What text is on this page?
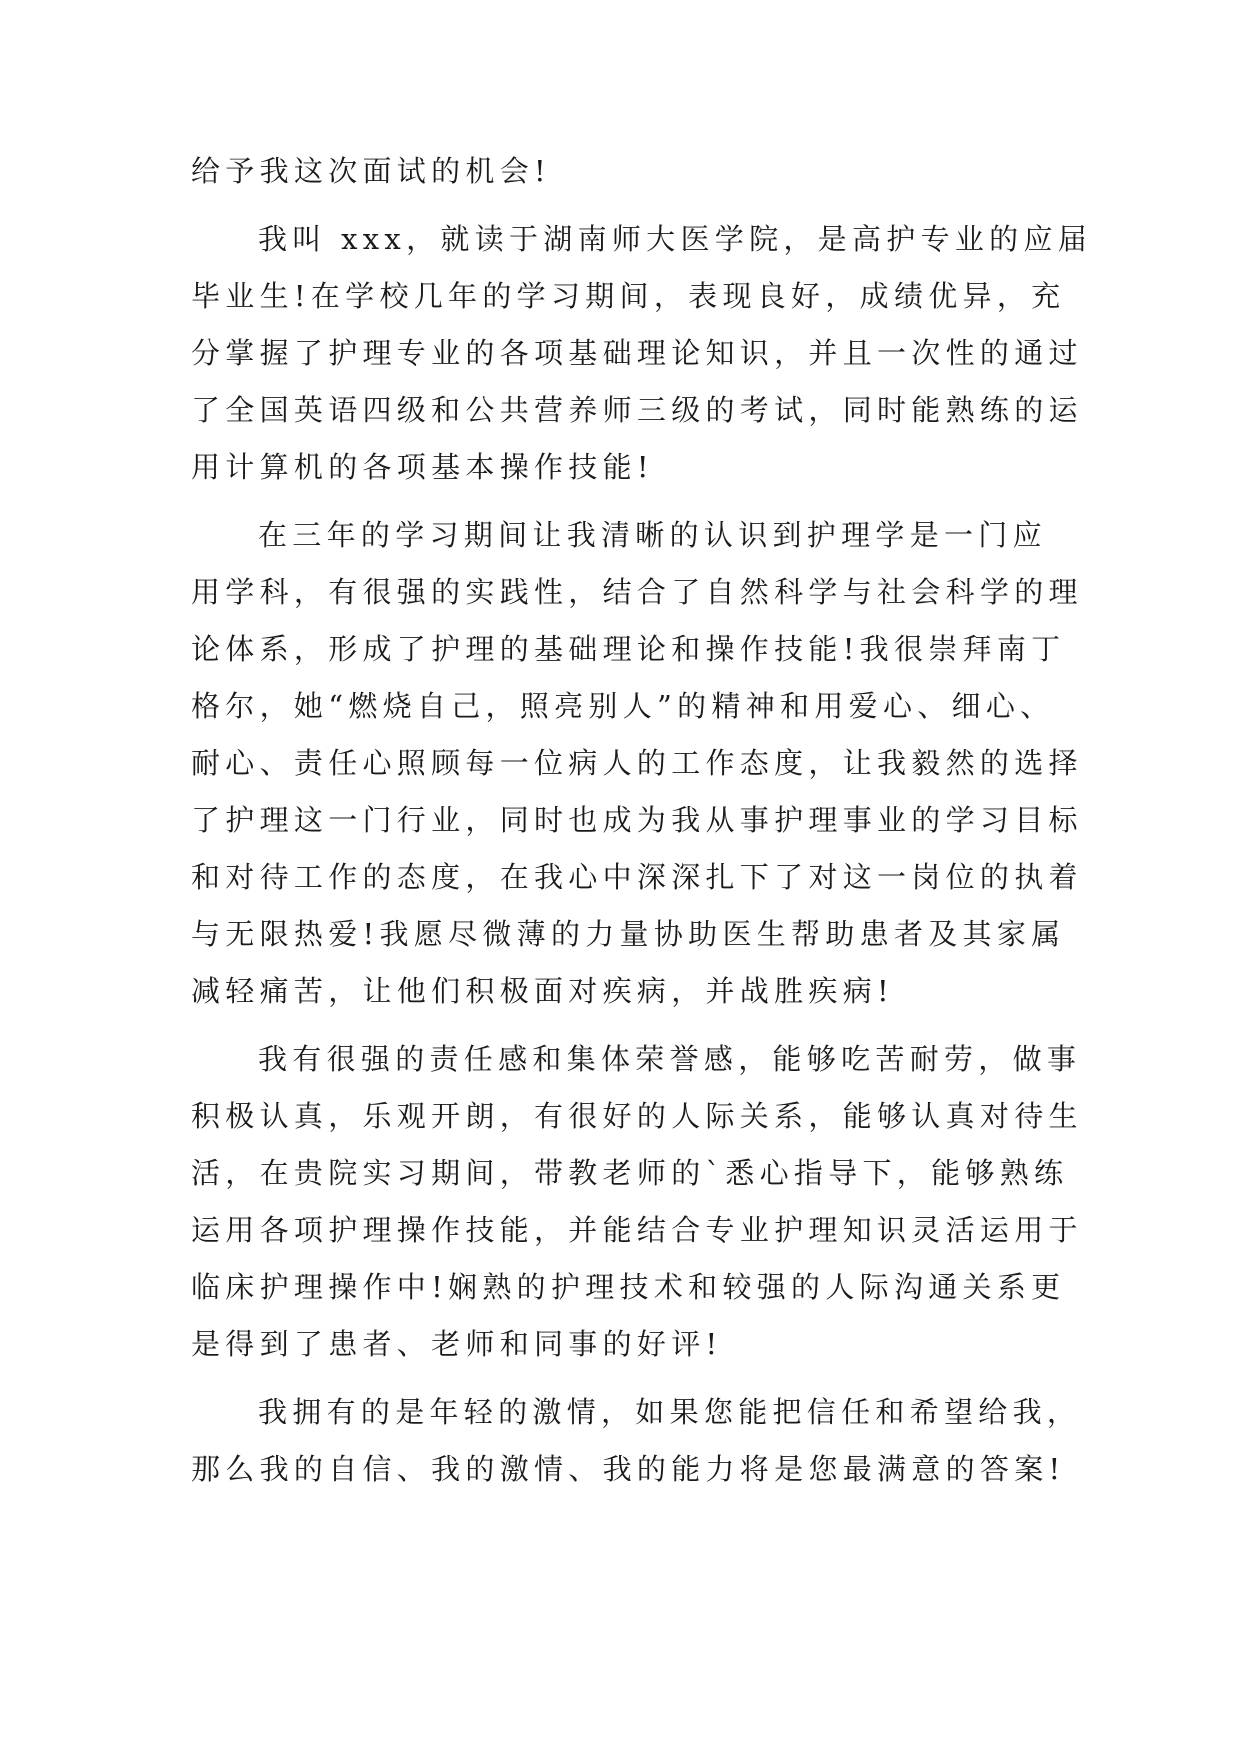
给予我这次面试的机会!
我叫 xxx，就读于湖南师大医学院，是高护专业的应届
毕业生!在学校几年的学习期间，表现良好，成绩优异，充
分掌握了护理专业的各项基础理论知识，并且一次性的通过
了全国英语四级和公共营养师三级的考试，同时能熟练的运
用计算机的各项基本操作技能!
在三年的学习期间让我清晰的认识到护理学是一门应
用学科，有很强的实践性，结合了自然科学与社会科学的理
论体系，形成了护理的基础理论和操作技能!我很崇拜南丁
格尔，她“燃烧自己，照亮别人”的精神和用爱心、细心、
耐心、责任心照顾每一位病人的工作态度，让我毅然的选择
了护理这一门行业，同时也成为我从事护理事业的学习目标
和对待工作的态度，在我心中深深扎下了对这一岗位的执着
与无限热爱!我愿尽微薄的力量协助医生帮助患者及其家属
减轻痛苦，让他们积极面对疾病，并战胜疾病!
我有很强的责任感和集体荣誉感，能够吃苦耐劳，做事
积极认真，乐观开朗，有很好的人际关系，能够认真对待生
活，在贵院实习期间，带教老师的`悉心指导下，能够熟练
运用各项护理操作技能，并能结合专业护理知识灵活运用于
临床护理操作中!娴熟的护理技术和较强的人际沟通关系更
是得到了患者、老师和同事的好评!
我拥有的是年轻的激情，如果您能把信任和希望给我，
那么我的自信、我的激情、我的能力将是您最满意的答案!
